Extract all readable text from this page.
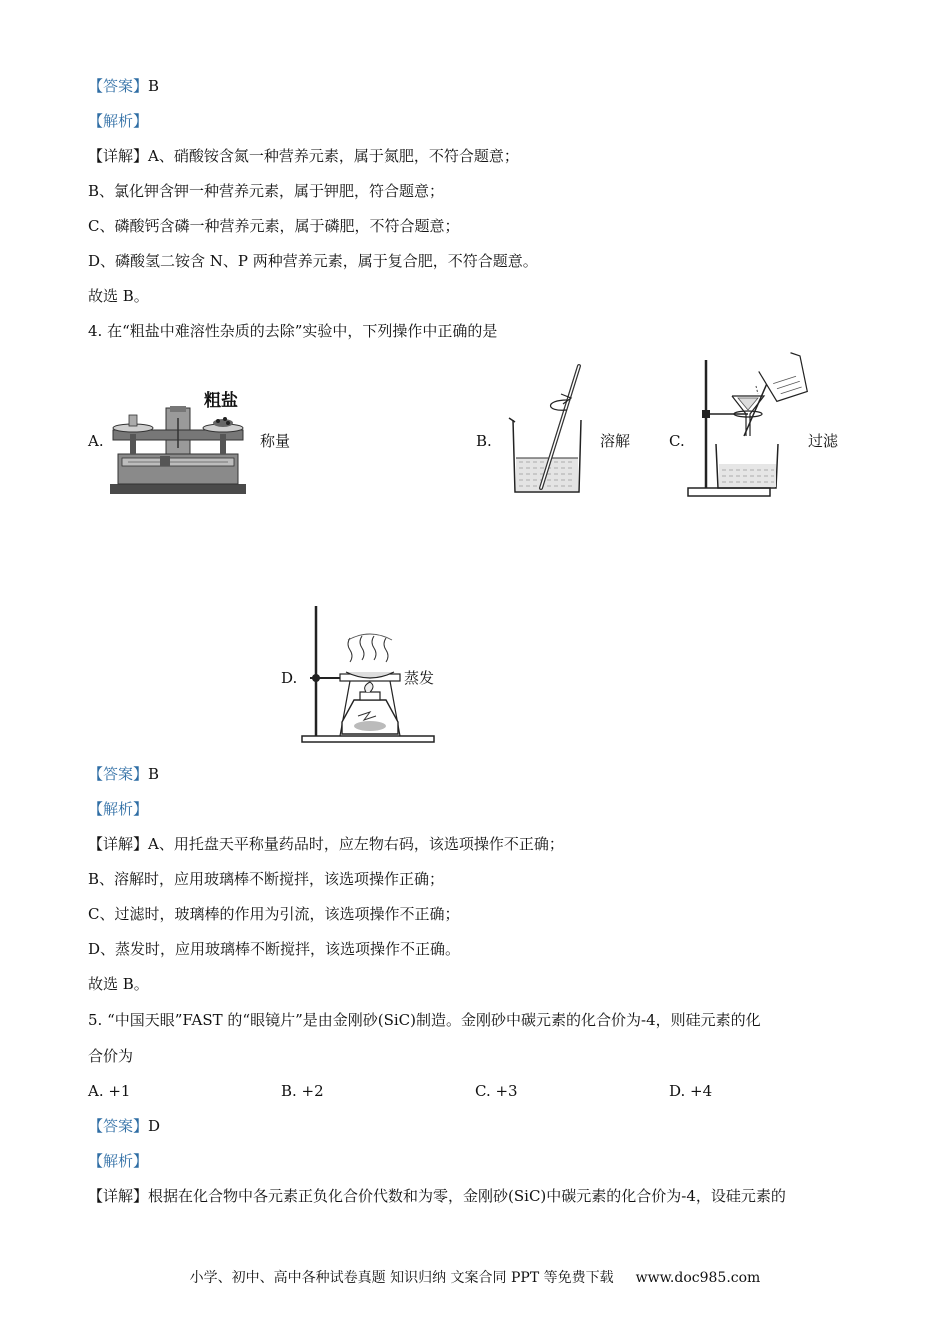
【答案】B
【解析】
【详解】A、硝酸铵含氮一种营养元素，属于氮肥，不符合题意；
B、氯化钾含钾一种营养元素，属于钾肥，符合题意；
C、磷酸钙含磷一种营养元素，属于磷肥，不符合题意；
D、磷酸氢二铵含 N、P 两种营养元素，属于复合肥，不符合题意。
故选 B。
4. 在“粗盐中难溶性杂质的去除”实验中，下列操作中正确的是
A.
粗盐
称量	B.	溶解	C.	过滤
D.	蒸发
【答案】B
【解析】
【详解】A、用托盘天平称量药品时，应左物右码，该选项操作不正确；
B、溶解时，应用玻璃棒不断搅拌，该选项操作正确；
C、过滤时，玻璃棒的作用为引流，该选项操作不正确；
D、蒸发时，应用玻璃棒不断搅拌，该选项操作不正确。
故选 B。
5. “中国天眼”FAST 的“眼镜片”是由金刚砂(SiC)制造。金刚砂中碳元素的化合价为-4，则硅元素的化
合价为
A. +1	B. +2	C. +3	D. +4
【答案】D
【解析】
【详解】根据在化合物中各元素正负化合价代数和为零，金刚砂(SiC)中碳元素的化合价为-4，设硅元素的
小学、初中、高中各种试卷真题 知识归纳 文案合同 PPT 等免费下载 www.doc985.com
